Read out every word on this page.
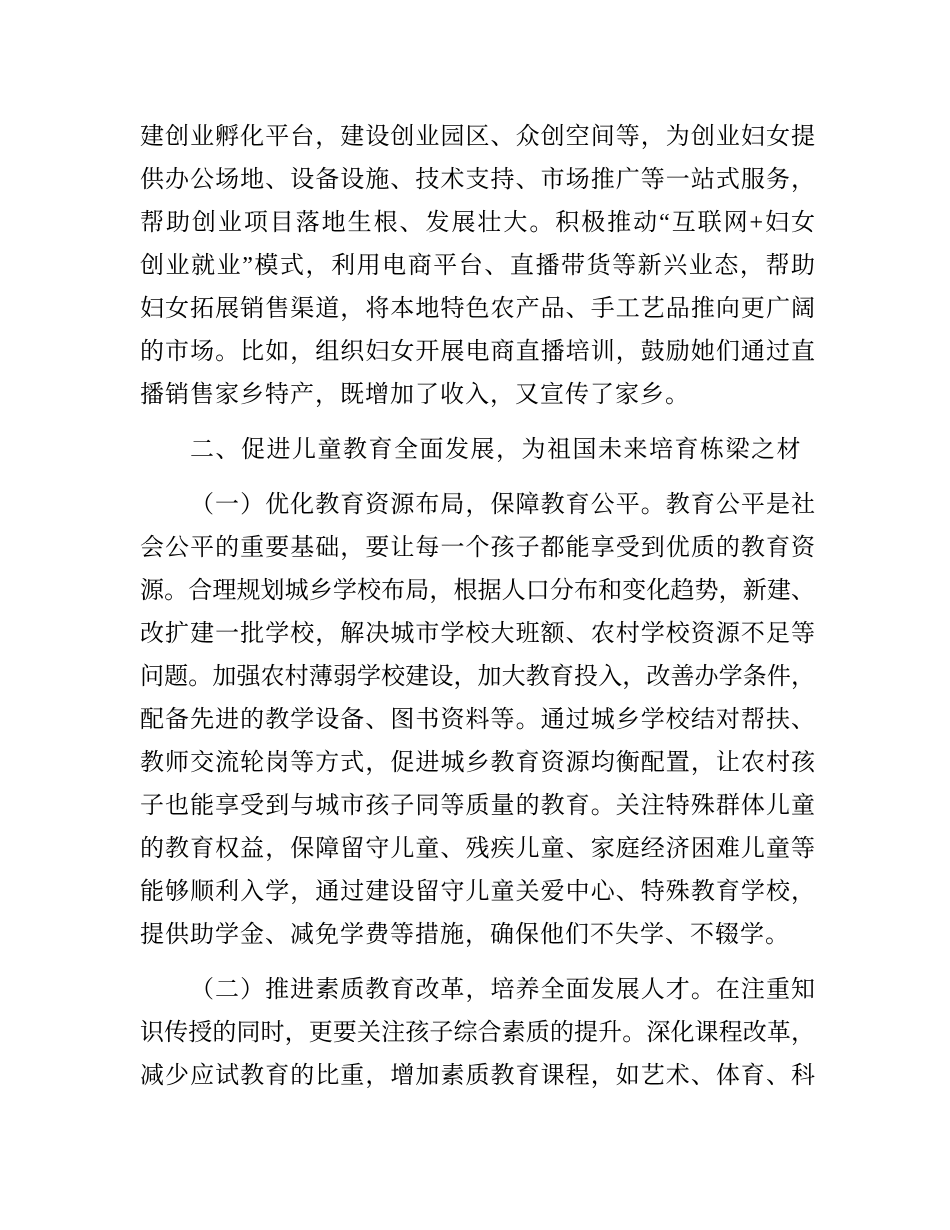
建创业孵化平台，建设创业园区、众创空间等，为创业妇女提
供办公场地、设备设施、技术支持、市场推广等一站式服务，
帮助创业项目落地生根、发展壮大。积极推动“互联网+妇女
创业就业”模式，利用电商平台、直播带货等新兴业态，帮助
妇女拓展销售渠道，将本地特色农产品、手工艺品推向更广阔
的市场。比如，组织妇女开展电商直播培训，鼓励她们通过直
播销售家乡特产，既增加了收入，又宣传了家乡。
二、促进儿童教育全面发展，为祖国未来培育栋梁之材
（一）优化教育资源布局，保障教育公平。教育公平是社
会公平的重要基础，要让每一个孩子都能享受到优质的教育资
源。合理规划城乡学校布局，根据人口分布和变化趋势，新建、
改扩建一批学校，解决城市学校大班额、农村学校资源不足等
问题。加强农村薄弱学校建设，加大教育投入，改善办学条件，
配备先进的教学设备、图书资料等。通过城乡学校结对帮扶、
教师交流轮岗等方式，促进城乡教育资源均衡配置，让农村孩
子也能享受到与城市孩子同等质量的教育。关注特殊群体儿童
的教育权益，保障留守儿童、残疾儿童、家庭经济困难儿童等
能够顺利入学，通过建设留守儿童关爱中心、特殊教育学校，
提供助学金、减免学费等措施，确保他们不失学、不辍学。
（二）推进素质教育改革，培养全面发展人才。在注重知
识传授的同时，更要关注孩子综合素质的提升。深化课程改革，
减少应试教育的比重，增加素质教育课程，如艺术、体育、科
